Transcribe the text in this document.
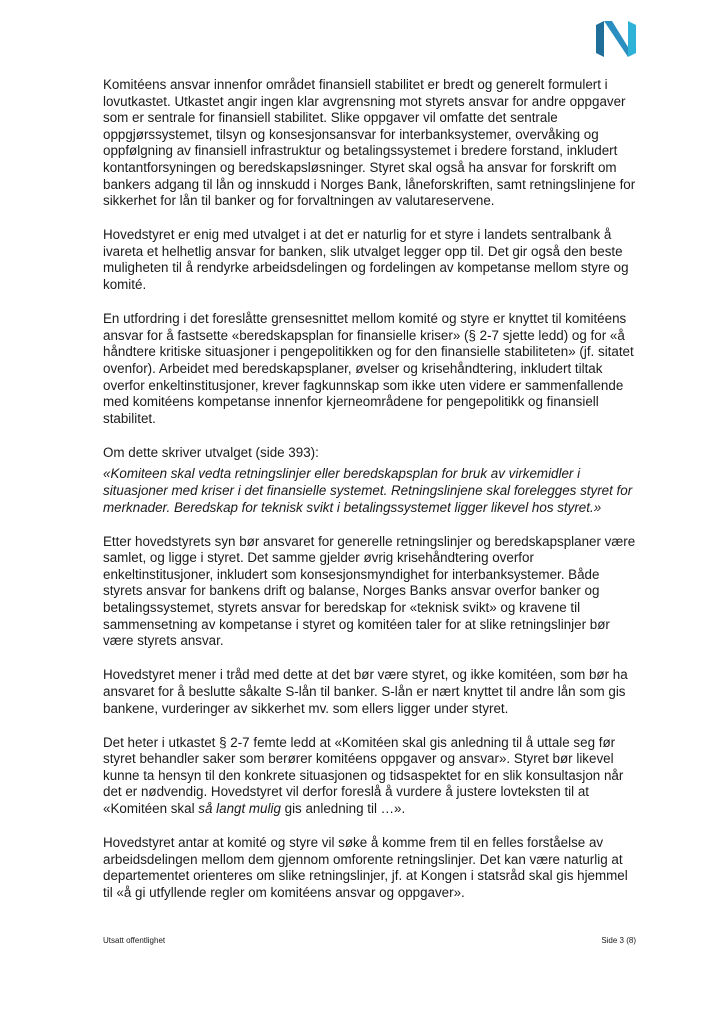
Komitéens ansvar innenfor området finansiell stabilitet er bredt og generelt formulert i lovutkastet. Utkastet angir ingen klar avgrensning mot styrets ansvar for andre oppgaver som er sentrale for finansiell stabilitet. Slike oppgaver vil omfatte det sentrale oppgjørssystemet, tilsyn og konsesjonsansvar for interbanksystemer, overvåking og oppfølgning av finansiell infrastruktur og betalingssystemet i bredere forstand, inkludert kontantforsyningen og beredskapsløsninger. Styret skal også ha ansvar for forskrift om bankers adgang til lån og innskudd i Norges Bank, låneforskriften, samt retningslinjene for sikkerhet for lån til banker og for forvaltningen av valutareservene.

Hovedstyret er enig med utvalget i at det er naturlig for et styre i landets sentralbank å ivareta et helhetlig ansvar for banken, slik utvalget legger opp til. Det gir også den beste muligheten til å rendyrke arbeidsdelingen og fordelingen av kompetanse mellom styre og komité.

En utfordring i det foreslåtte grensesnittet mellom komité og styre er knyttet til komitéens ansvar for å fastsette «beredskapsplan for finansielle kriser» (§ 2-7 sjette ledd) og for «å håndtere kritiske situasjoner i pengepolitikken og for den finansielle stabiliteten» (jf. sitatet ovenfor). Arbeidet med beredskapsplaner, øvelser og krisehåndtering, inkludert tiltak overfor enkeltinstitusjoner, krever fagkunnskap som ikke uten videre er sammenfallende med komitéens kompetanse innenfor kjerneområdene for pengepolitikk og finansiell stabilitet.

Om dette skriver utvalget (side 393):

«Komiteen skal vedta retningslinjer eller beredskapsplan for bruk av virkemidler i situasjoner med kriser i det finansielle systemet. Retningslinjene skal forelegges styret for merknader. Beredskap for teknisk svikt i betalingssystemet ligger likevel hos styret.»

Etter hovedstyrets syn bør ansvaret for generelle retningslinjer og beredskapsplaner være samlet, og ligge i styret. Det samme gjelder øvrig krisehåndtering overfor enkeltinstitusjoner, inkludert som konsesjonsmyndighet for interbanksystemer. Både styrets ansvar for bankens drift og balanse, Norges Banks ansvar overfor banker og betalingssystemet, styrets ansvar for beredskap for «teknisk svikt» og kravene til sammensetning av kompetanse i styret og komitéen taler for at slike retningslinjer bør være styrets ansvar.

Hovedstyret mener i tråd med dette at det bør være styret, og ikke komitéen, som bør ha ansvaret for å beslutte såkalte S-lån til banker. S-lån er nært knyttet til andre lån som gis bankene, vurderinger av sikkerhet mv. som ellers ligger under styret.

Det heter i utkastet § 2-7 femte ledd at «Komitéen skal gis anledning til å uttale seg før styret behandler saker som berører komitéens oppgaver og ansvar». Styret bør likevel kunne ta hensyn til den konkrete situasjonen og tidsaspektet for en slik konsultasjon når det er nødvendig. Hovedstyret vil derfor foreslå å vurdere å justere lovteksten til at «Komitéen skal så langt mulig gis anledning til …».

Hovedstyret antar at komité og styre vil søke å komme frem til en felles forståelse av arbeidsdelingen mellom dem gjennom omforente retningslinjer. Det kan være naturlig at departementet orienteres om slike retningslinjer, jf. at Kongen i statsråd skal gis hjemmel til «å gi utfyllende regler om komitéens ansvar og oppgaver».

Utsatt offentlighet	Side 3 (8)
